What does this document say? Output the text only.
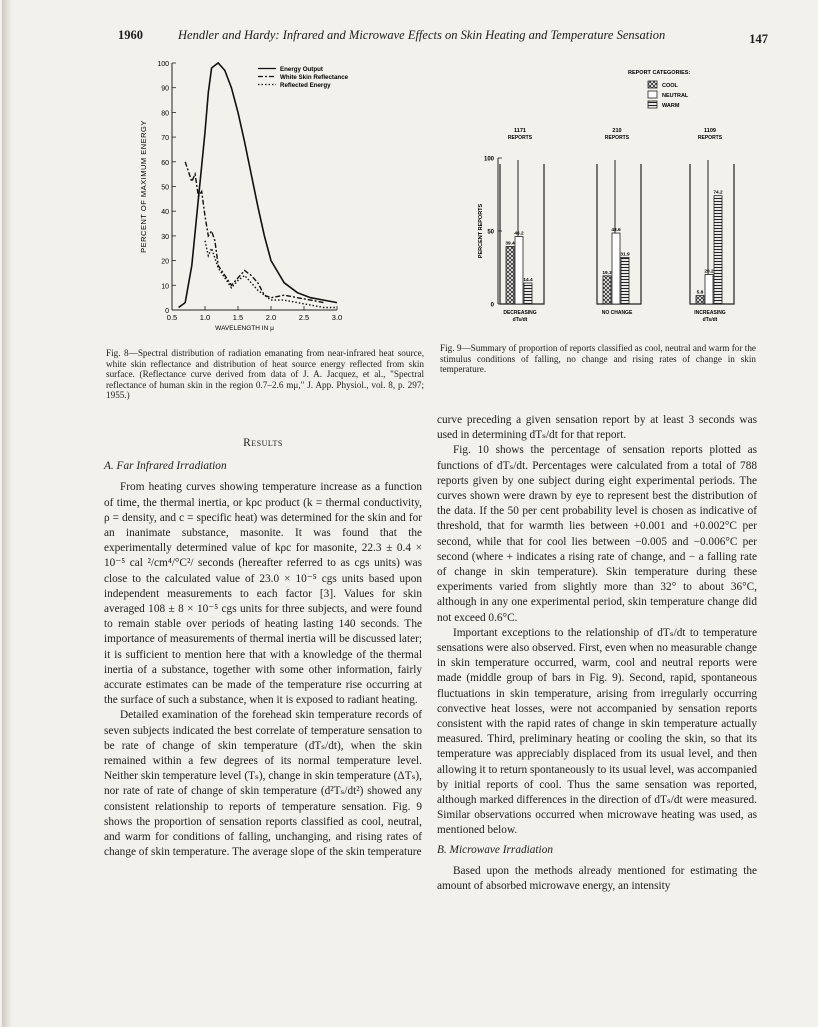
1960	Hendler and Hardy: Infrared and Microwave Effects on Skin Heating and Temperature Sensation	147
0
10
20
30
40
50
60
70
80
90
100
0.5	1.0	1.5	2.0	2.5	3.0
WAVELENGTH IN μ
PERCENT OF MAXIMUM ENERGY
Energy Output
White Skin Reflectance
Reflected Energy
Fig. 8—Spectral distribution of radiation emanating from near-infrared heat source, white skin reflectance and distribution of heat source energy reflected from skin surface. (Reflectance curve derived from data of J. A. Jacquez, et al., "Spectral reflectance of human skin in the region 0.7–2.6 mμ," J. App. Physiol., vol. 8, p. 297; 1955.)
0
50
100
PERCENT REPORTS
REPORT CATEGORIES:
COOL
NEUTRAL
WARM
1171
REPORTS
39.4
46.2
14.4
DECREASING
dTs/dt
210
REPORTS
19.3
48.6
31.9
NO CHANGE
1109
REPORTS
5.8
20.2
74.2
INCREASING
dTs/dt
Fig. 9—Summary of proportion of reports classified as cool, neutral and warm for the stimulus conditions of falling, no change and rising rates of change in skin temperature.
Results
A. Far Infrared Irradiation

From heating curves showing temperature increase as a function of time, the thermal inertia, or kρc product (k = thermal conductivity, ρ = density, and c = specific heat) was determined for the skin and for an inanimate substance, masonite. It was found that the experimentally determined value of kρc for masonite, 22.3 ± 0.4 × 10⁻⁵ cal ²/cm⁴/°C²/ seconds (hereafter referred to as cgs units) was close to the calculated value of 23.0 × 10⁻⁵ cgs units based upon independent measurements to each factor [3]. Values for skin averaged 108 ± 8 × 10⁻⁵ cgs units for three subjects, and were found to remain stable over periods of heating lasting 140 seconds. The importance of measurements of thermal inertia will be discussed later; it is sufficient to mention here that with a knowledge of the thermal inertia of a substance, together with some other information, fairly accurate estimates can be made of the temperature rise occurring at the surface of such a substance, when it is exposed to radiant heating.

Detailed examination of the forehead skin temperature records of seven subjects indicated the best correlate of temperature sensation to be rate of change of skin temperature (dTₛ/dt), when the skin remained within a few degrees of its normal temperature level. Neither skin temperature level (Tₛ), change in skin temperature (ΔTₛ), nor rate of rate of change of skin temperature (d²Tₛ/dt²) showed any consistent relationship to reports of temperature sensation. Fig. 9 shows the proportion of sensation reports classified as cool, neutral, and warm for conditions of falling, unchanging, and rising rates of change of skin temperature. The average slope of the skin temperature

curve preceding a given sensation report by at least 3 seconds was used in determining dTₛ/dt for that report.

Fig. 10 shows the percentage of sensation reports plotted as functions of dTₛ/dt. Percentages were calculated from a total of 788 reports given by one subject during eight experimental periods. The curves shown were drawn by eye to represent best the distribution of the data. If the 50 per cent probability level is chosen as indicative of threshold, that for warmth lies between +0.001 and +0.002°C per second, while that for cool lies between −0.005 and −0.006°C per second (where + indicates a rising rate of change, and − a falling rate of change in skin temperature). Skin temperature during these experiments varied from slightly more than 32° to about 36°C, although in any one experimental period, skin temperature change did not exceed 0.6°C.

Important exceptions to the relationship of dTₛ/dt to temperature sensations were also observed. First, even when no measurable change in skin temperature occurred, warm, cool and neutral reports were made (middle group of bars in Fig. 9). Second, rapid, spontaneous fluctuations in skin temperature, arising from irregularly occurring convective heat losses, were not accompanied by sensation reports consistent with the rapid rates of change in skin temperature actually measured. Third, preliminary heating or cooling the skin, so that its temperature was appreciably displaced from its usual level, and then allowing it to return spontaneously to its usual level, was accompanied by initial reports of cool. Thus the same sensation was reported, although marked differences in the direction of dTₛ/dt were measured. Similar observations occurred when microwave heating was used, as mentioned below.

B. Microwave Irradiation

Based upon the methods already mentioned for estimating the amount of absorbed microwave energy, an intensity
